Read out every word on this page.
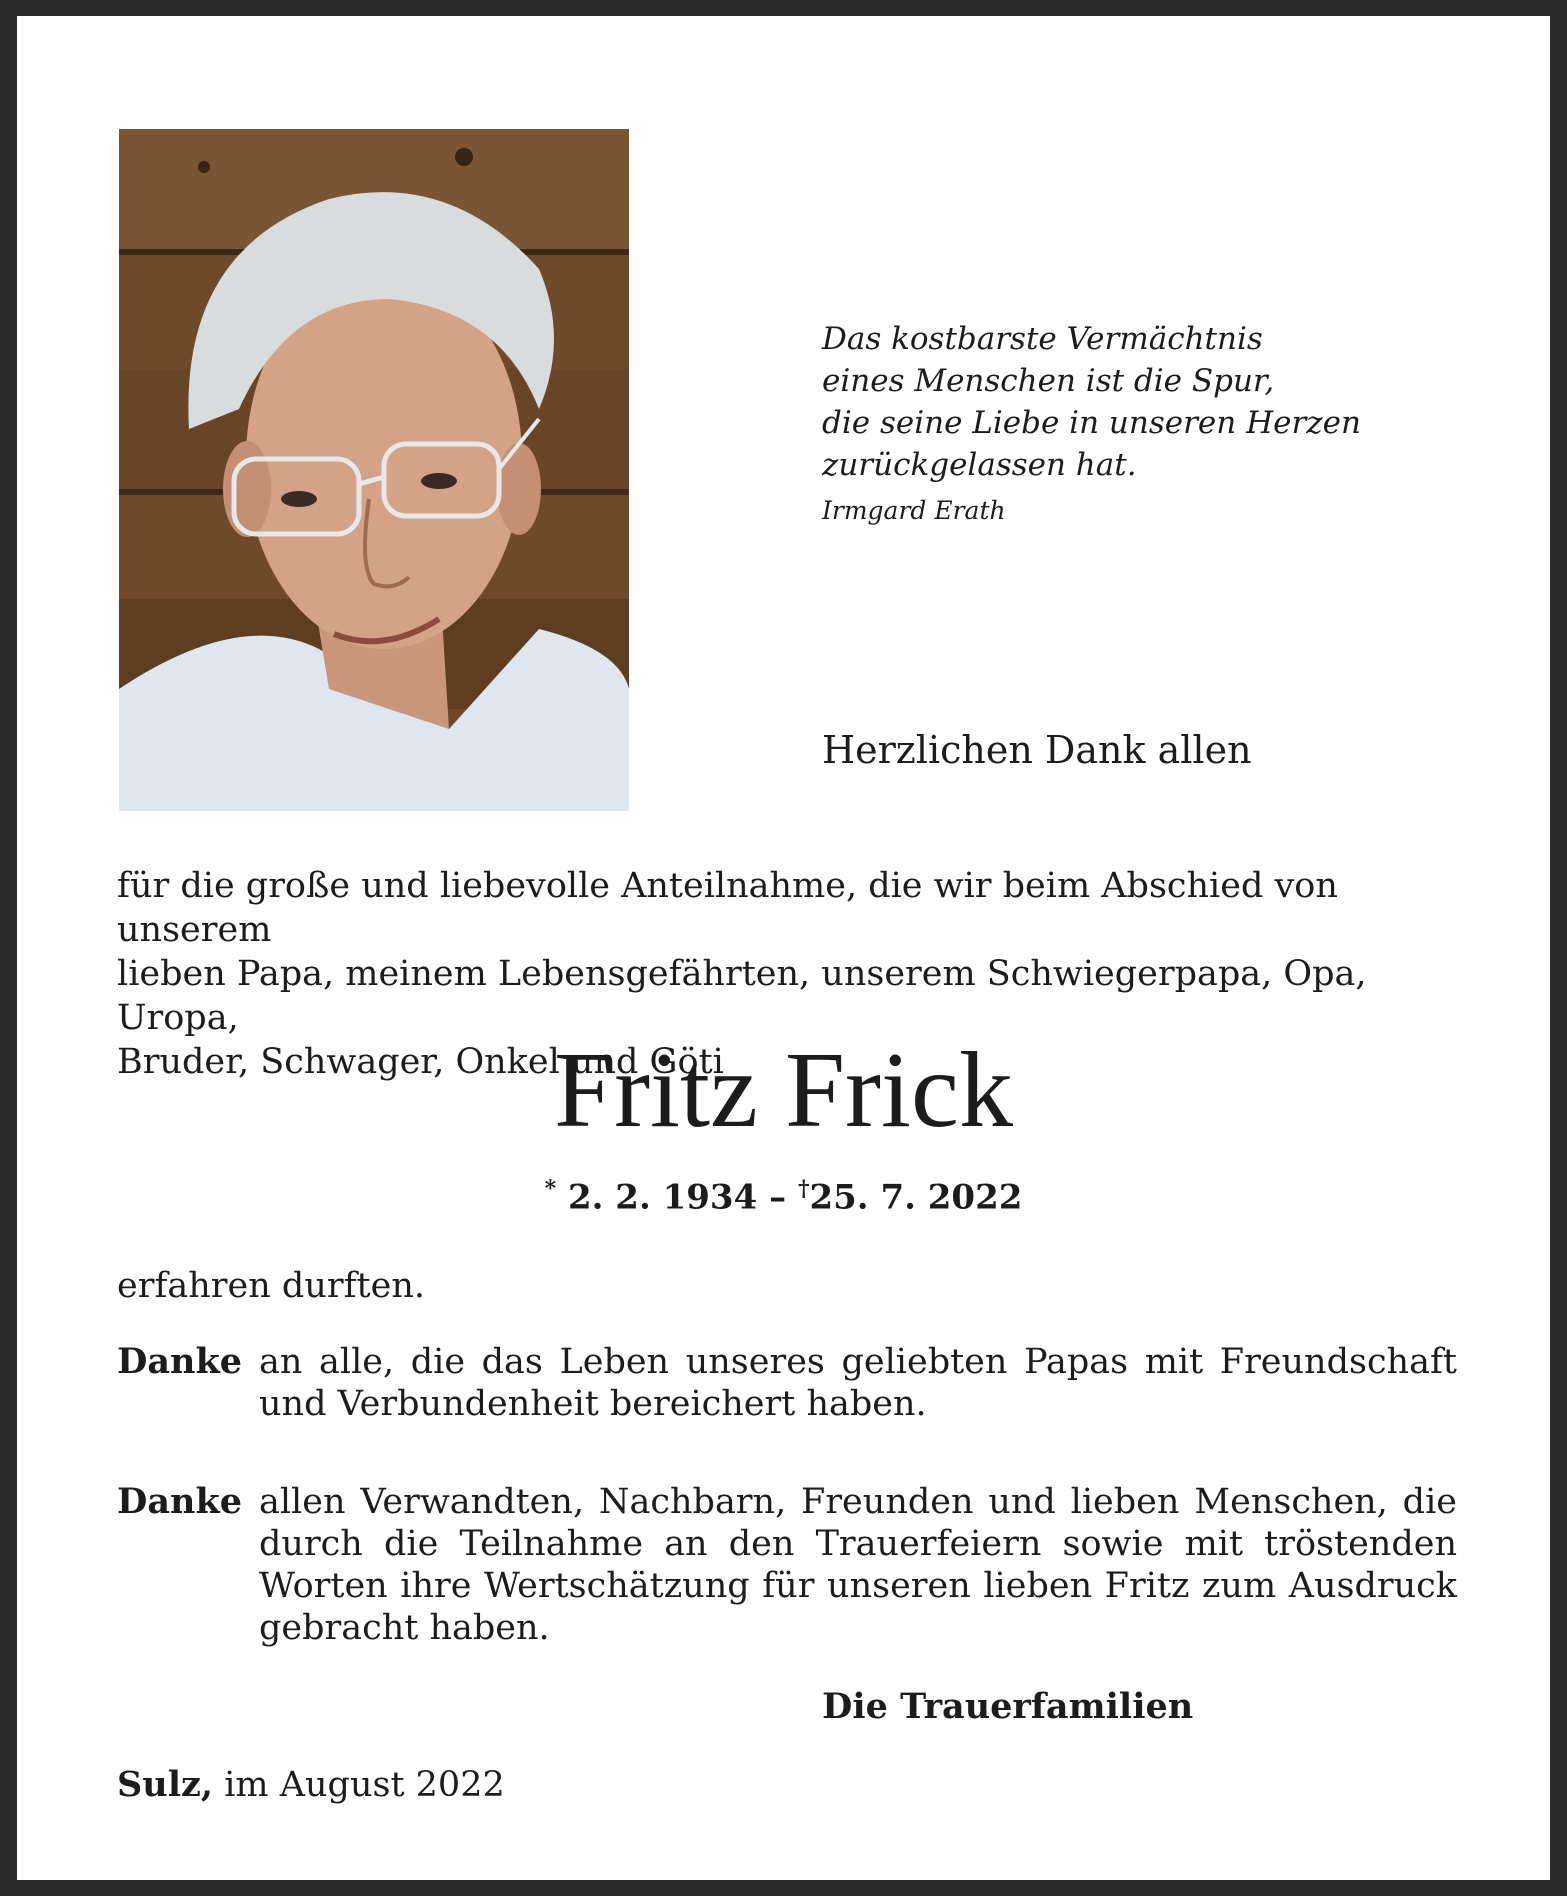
Das kostbarste Vermächtnis
eines Menschen ist die Spur,
die seine Liebe in unseren Herzen
zurückgelassen hat.
Irmgard Erath
Herzlichen Dank allen
für die große und liebevolle Anteilnahme, die wir beim Abschied von unserem
lieben Papa, meinem Lebensgefährten, unserem Schwiegerpapa, Opa, Uropa,
Bruder, Schwager, Onkel und Göti
Fritz Frick
* 2. 2. 1934 – †25. 7. 2022
erfahren durften.
Danke an alle, die das Leben unseres geliebten Papas mit Freundschaft und Verbundenheit bereichert haben.
Danke allen Verwandten, Nachbarn, Freunden und lieben Menschen, die durch die Teilnahme an den Trauerfeiern sowie mit tröstenden Worten ihre Wertschätzung für unseren lieben Fritz zum Ausdruck gebracht haben.
Die Trauerfamilien
Sulz, im August 2022
